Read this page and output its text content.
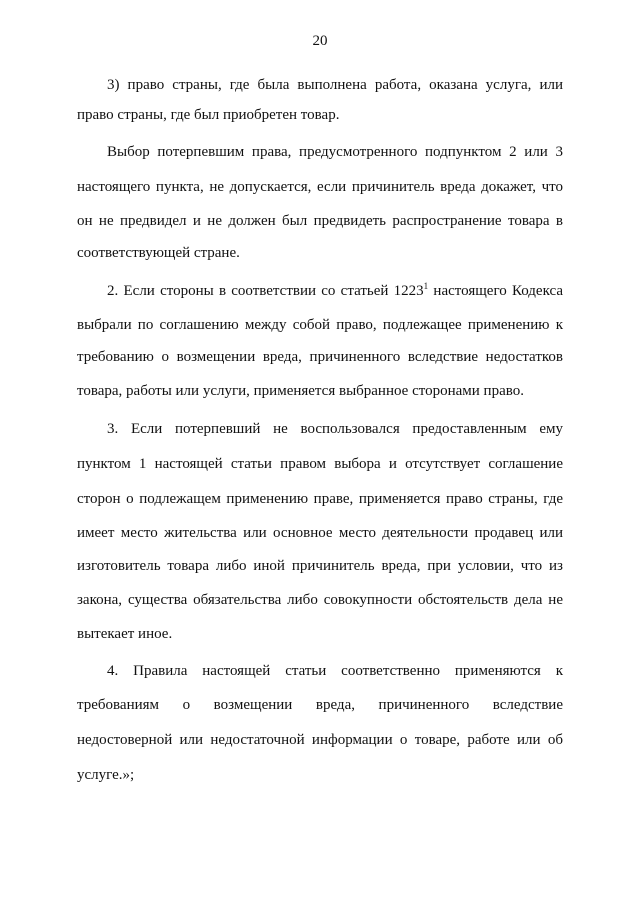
20
3) право страны, где была выполнена работа, оказана услуга, или
право страны, где был приобретен товар.
Выбор потерпевшим права, предусмотренного подпунктом 2 или 3
настоящего пункта, не допускается, если причинитель вреда докажет, что
он не предвидел и не должен был предвидеть распространение товара в
соответствующей стране.
2. Если стороны в соответствии со статьей 1223$^1$ настоящего Кодекса
выбрали по соглашению между собой право, подлежащее применению к
требованию о возмещении вреда, причиненного вследствие недостатков
товара, работы или услуги, применяется выбранное сторонами право.
3. Если потерпевший не воспользовался предоставленным ему
пунктом 1 настоящей статьи правом выбора и отсутствует соглашение
сторон о подлежащем применению праве, применяется право страны, где
имеет место жительства или основное место деятельности продавец или
изготовитель товара либо иной причинитель вреда, при условии, что из
закона, существа обязательства либо совокупности обстоятельств дела не
вытекает иное.
4. Правила настоящей статьи соответственно применяются к
требованиям о возмещении вреда, причиненного вследствие
недостоверной или недостаточной информации о товаре, работе или об
услуге.»;
